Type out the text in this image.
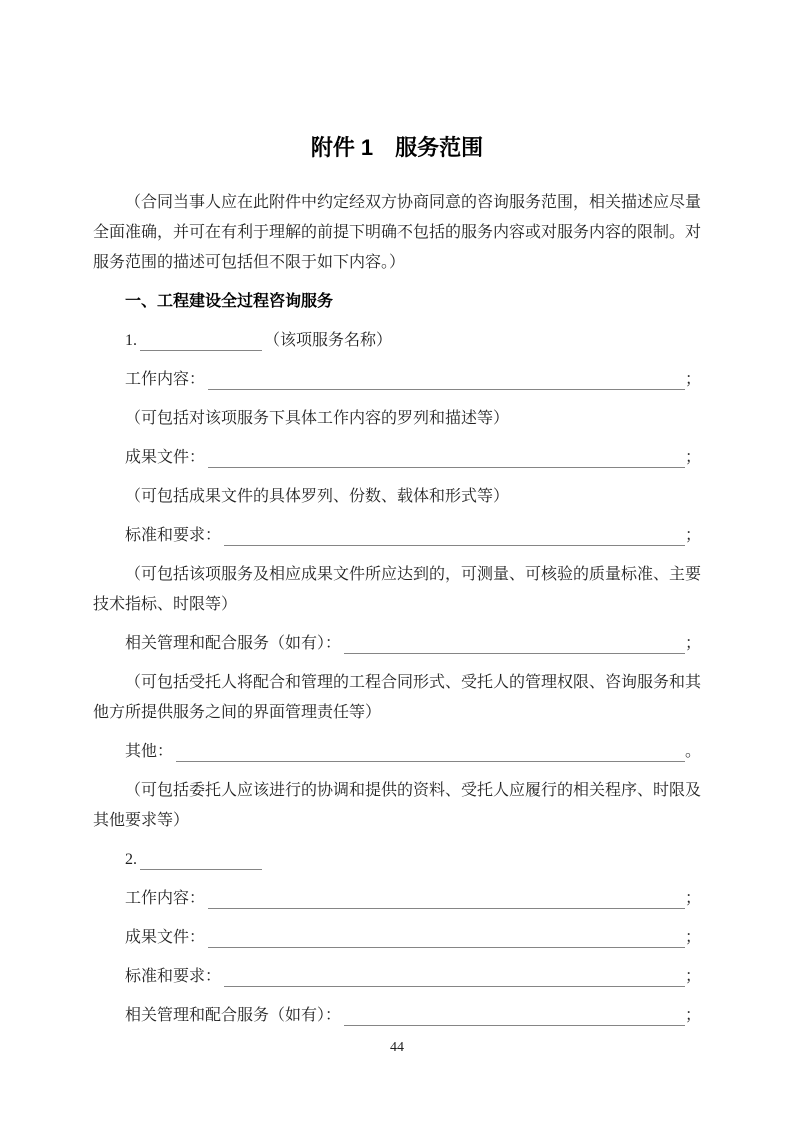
附件 1　服务范围

（合同当事人应在此附件中约定经双方协商同意的咨询服务范围，相关描述应尽量全面准确，并可在有利于理解的前提下明确不包括的服务内容或对服务内容的限制。对服务范围的描述可包括但不限于如下内容。）

一、工程建设全过程咨询服务
1.	（该项服务名称）
工作内容：	；

（可包括对该项服务下具体工作内容的罗列和描述等）

成果文件：	；

（可包括成果文件的具体罗列、份数、载体和形式等）

标准和要求：	；

（可包括该项服务及相应成果文件所应达到的，可测量、可核验的质量标准、主要技术指标、时限等）

相关管理和配合服务（如有）：	；

（可包括受托人将配合和管理的工程合同形式、受托人的管理权限、咨询服务和其他方所提供服务之间的界面管理责任等）

其他：	。

（可包括委托人应该进行的协调和提供的资料、受托人应履行的相关程序、时限及其他要求等）

2.
工作内容：	；
成果文件：	；
标准和要求：	；
相关管理和配合服务（如有）：	；
44
